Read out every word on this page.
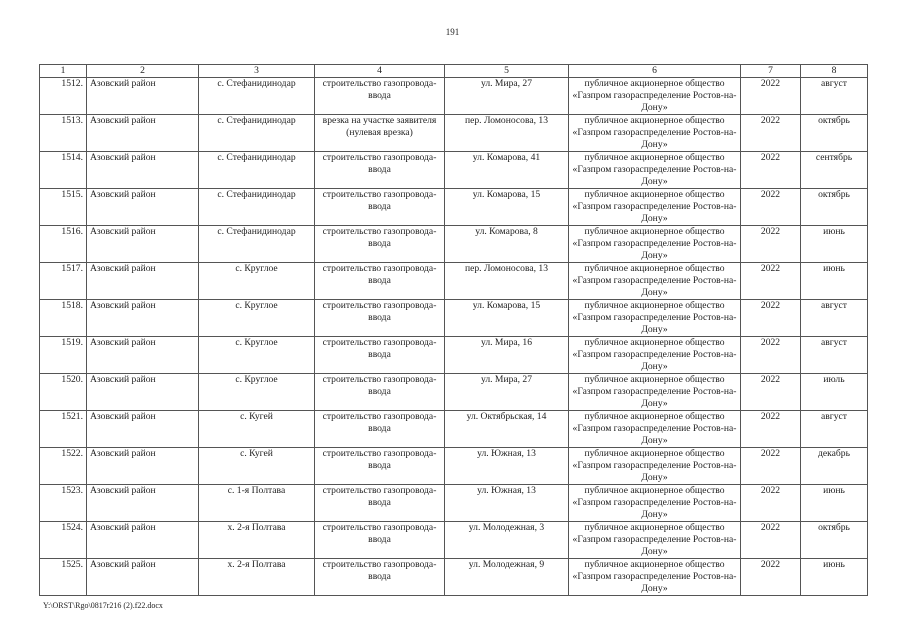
191
1	2	3	4	5	6	7	8
1512.	Азовский район	с. Стефанидинодар	строительство газопровода-ввода	ул. Мира, 27	публичное акционерное общество «Газпром газораспределение Ростов-на-Дону»	2022	август
1513.	Азовский район	с. Стефанидинодар	врезка на участке заявителя (нулевая врезка)	пер. Ломоносова, 13	публичное акционерное общество «Газпром газораспределение Ростов-на-Дону»	2022	октябрь
1514.	Азовский район	с. Стефанидинодар	строительство газопровода-ввода	ул. Комарова, 41	публичное акционерное общество «Газпром газораспределение Ростов-на-Дону»	2022	сентябрь
1515.	Азовский район	с. Стефанидинодар	строительство газопровода-ввода	ул. Комарова, 15	публичное акционерное общество «Газпром газораспределение Ростов-на-Дону»	2022	октябрь
1516.	Азовский район	с. Стефанидинодар	строительство газопровода-ввода	ул. Комарова, 8	публичное акционерное общество «Газпром газораспределение Ростов-на-Дону»	2022	июнь
1517.	Азовский район	с. Круглое	строительство газопровода-ввода	пер. Ломоносова, 13	публичное акционерное общество «Газпром газораспределение Ростов-на-Дону»	2022	июнь
1518.	Азовский район	с. Круглое	строительство газопровода-ввода	ул. Комарова, 15	публичное акционерное общество «Газпром газораспределение Ростов-на-Дону»	2022	август
1519.	Азовский район	с. Круглое	строительство газопровода-ввода	ул. Мира, 16	публичное акционерное общество «Газпром газораспределение Ростов-на-Дону»	2022	август
1520.	Азовский район	с. Круглое	строительство газопровода-ввода	ул. Мира, 27	публичное акционерное общество «Газпром газораспределение Ростов-на-Дону»	2022	июль
1521.	Азовский район	с. Кугей	строительство газопровода-ввода	ул. Октябрьская, 14	публичное акционерное общество «Газпром газораспределение Ростов-на-Дону»	2022	август
1522.	Азовский район	с. Кугей	строительство газопровода-ввода	ул. Южная, 13	публичное акционерное общество «Газпром газораспределение Ростов-на-Дону»	2022	декабрь
1523.	Азовский район	с. 1-я Полтава	строительство газопровода-ввода	ул. Южная, 13	публичное акционерное общество «Газпром газораспределение Ростов-на-Дону»	2022	июнь
1524.	Азовский район	х. 2-я Полтава	строительство газопровода-ввода	ул. Молодежная, 3	публичное акционерное общество «Газпром газораспределение Ростов-на-Дону»	2022	октябрь
1525.	Азовский район	х. 2-я Полтава	строительство газопровода-ввода	ул. Молодежная, 9	публичное акционерное общество «Газпром газораспределение Ростов-на-Дону»	2022	июнь
Y:\ORST\Rgo\0817r216 (2).f22.docx
